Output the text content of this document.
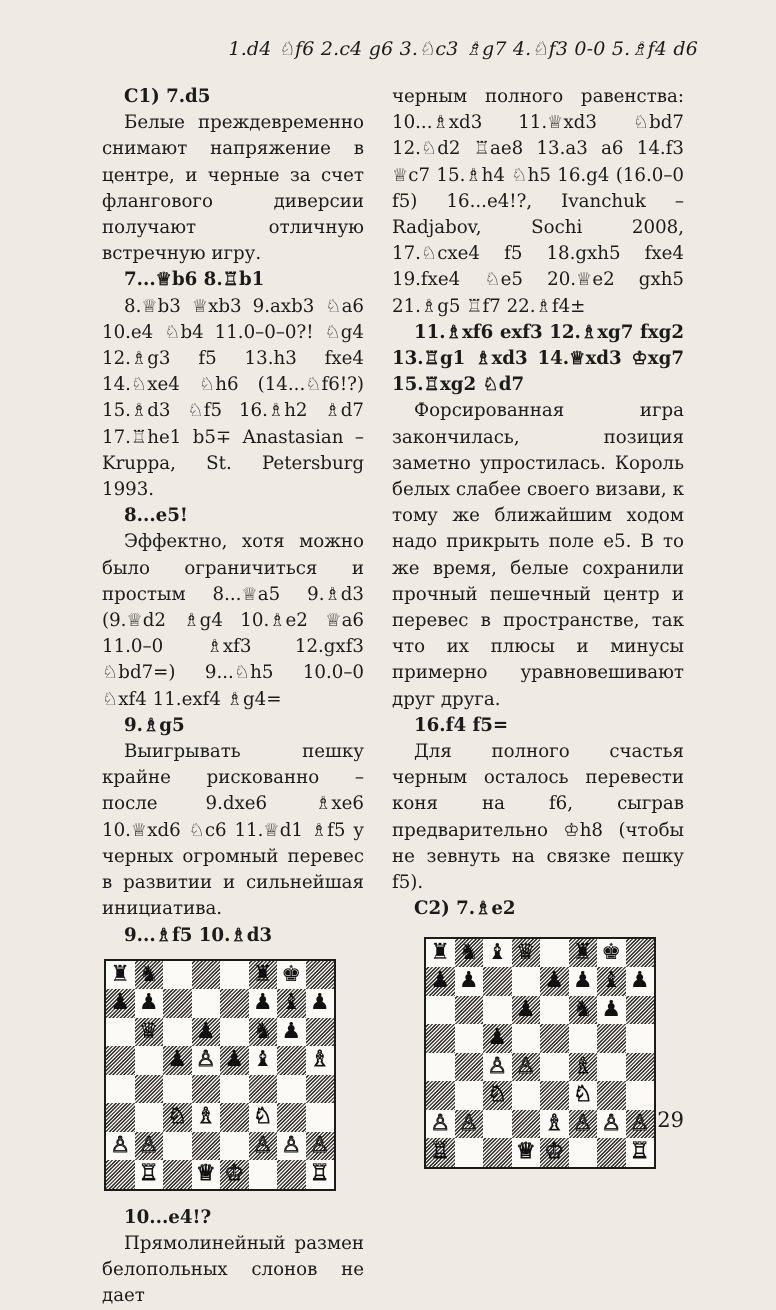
1.d4 ♘f6 2.c4 g6 3.♘c3 ♗g7 4.♘f3 0-0 5.♗f4 d6

C1) 7.d5

Белые преждевременно снимают напряжение в центре, и черные за счет флангового диверсии получают отличную встречную игру.

7...♕b6 8.♖b1

8.♕b3 ♕xb3 9.axb3 ♘a6 10.e4 ♘b4 11.0–0–0?! ♘g4 12.♗g3 f5 13.h3 fxe4 14.♘xe4 ♘h6 (14...♘f6!?) 15.♗d3 ♘f5 16.♗h2 ♗d7 17.♖he1 b5∓ Anastasian – Kruppa, St. Petersburg 1993.

8...e5!

Эффектно, хотя можно было ограничиться и простым 8...♕a5 9.♗d3 (9.♕d2 ♗g4 10.♗e2 ♕a6 11.0–0 ♗xf3 12.gxf3 ♘bd7=) 9...♘h5 10.0–0 ♘xf4 11.exf4 ♗g4=

9.♗g5

Выигрывать пешку крайне рискованно – после 9.dxe6 ♗xe6 10.♕xd6 ♘c6 11.♕d1 ♗f5 у черных огромный перевес в развитии и сильнейшая инициатива.

9...♗f5 10.♗d3

♜ ♞	♜ ♚
♟ ♟	♟ ♝ ♟
♛ ♟ ♞ ♟
♟ ♙ ♟ ♝ ♗
♘ ♗ ♘
♙ ♙	♙ ♙ ♙
♖ ♕ ♔	♖

10...e4!?

Прямолинейный размен белопольных слонов не дает

черным полного равенства: 10...♗xd3 11.♕xd3 ♘bd7 12.♘d2 ♖ae8 13.a3 a6 14.f3 ♕c7 15.♗h4 ♘h5 16.g4 (16.0–0 f5) 16...e4!?, Ivanchuk – Radjabov, Sochi 2008, 17.♘cxe4 f5 18.gxh5 fxe4 19.fxe4 ♘e5 20.♕e2 gxh5 21.♗g5 ♖f7 22.♗f4±

11.♗xf6 exf3 12.♗xg7 fxg2 13.♖g1 ♗xd3 14.♕xd3 ♔xg7 15.♖xg2 ♘d7

Форсированная игра закончилась, позиция заметно упростилась. Король белых слабее своего визави, к тому же ближайшим ходом надо прикрыть поле e5. В то же время, белые сохранили прочный пешечный центр и перевес в пространстве, так что их плюсы и минусы примерно уравновешивают друг друга.

16.f4 f5=

Для полного счастья черным осталось перевести коня на f6, сыграв предварительно ♔h8 (чтобы не зевнуть на связке пешку f5).

C2) 7.♗e2

♜ ♞ ♝ ♛ ♜ ♚
♟ ♟	♟ ♟ ♝ ♟
♟ ♞ ♟
♟
♙ ♙ ♗
♘	♘
♙ ♙	♗ ♙ ♙ ♙
♖	♕ ♔	♖
29
